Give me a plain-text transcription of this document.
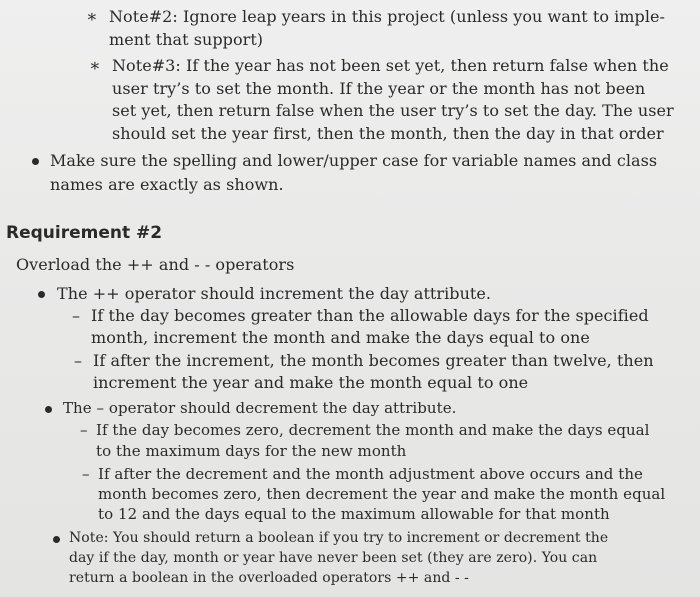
∗ Note#2: Ignore leap years in this project (unless you want to imple-
ment that support)
∗ Note#3: If the year has not been set yet, then return false when the
user try’s to set the month. If the year or the month has not been
set yet, then return false when the user try’s to set the day. The user
should set the year first, then the month, then the day in that order
Make sure the spelling and lower/upper case for variable names and class
names are exactly as shown.
Requirement #2
Overload the ++ and - - operators
The ++ operator should increment the day attribute.
– If the day becomes greater than the allowable days for the specified
month, increment the month and make the days equal to one
– If after the increment, the month becomes greater than twelve, then
increment the year and make the month equal to one
The – operator should decrement the day attribute.
– If the day becomes zero, decrement the month and make the days equal
to the maximum days for the new month
– If after the decrement and the month adjustment above occurs and the
month becomes zero, then decrement the year and make the month equal
to 12 and the days equal to the maximum allowable for that month
Note: You should return a boolean if you try to increment or decrement the
day if the day, month or year have never been set (they are zero). You can
return a boolean in the overloaded operators ++ and - -
